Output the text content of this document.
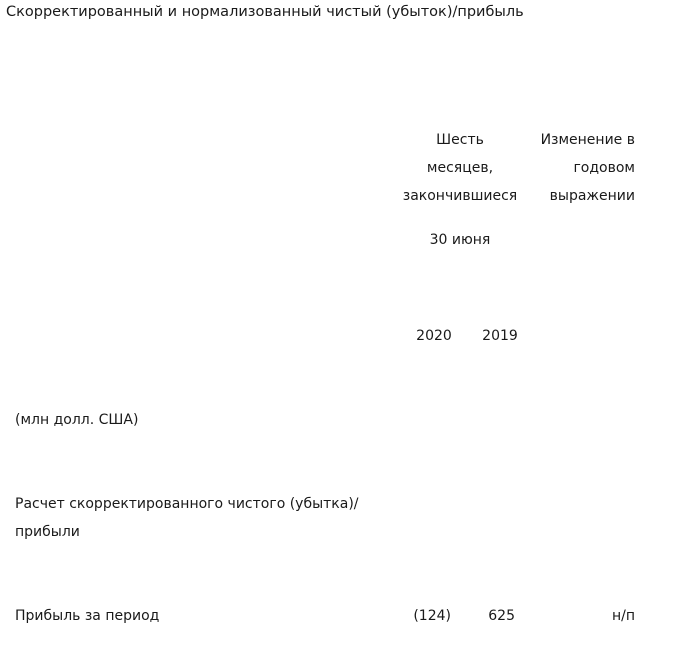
Скорректированный и нормализованный чистый (убыток)/прибыль
Шесть
месяцев,
закончившиеся
30 июня
Изменение в
годовом
выражении
2020	2019
(млн долл. США)
Расчет скорректированного чистого (убытка)/
прибыли
Прибыль за период	(124)	625	н/п
